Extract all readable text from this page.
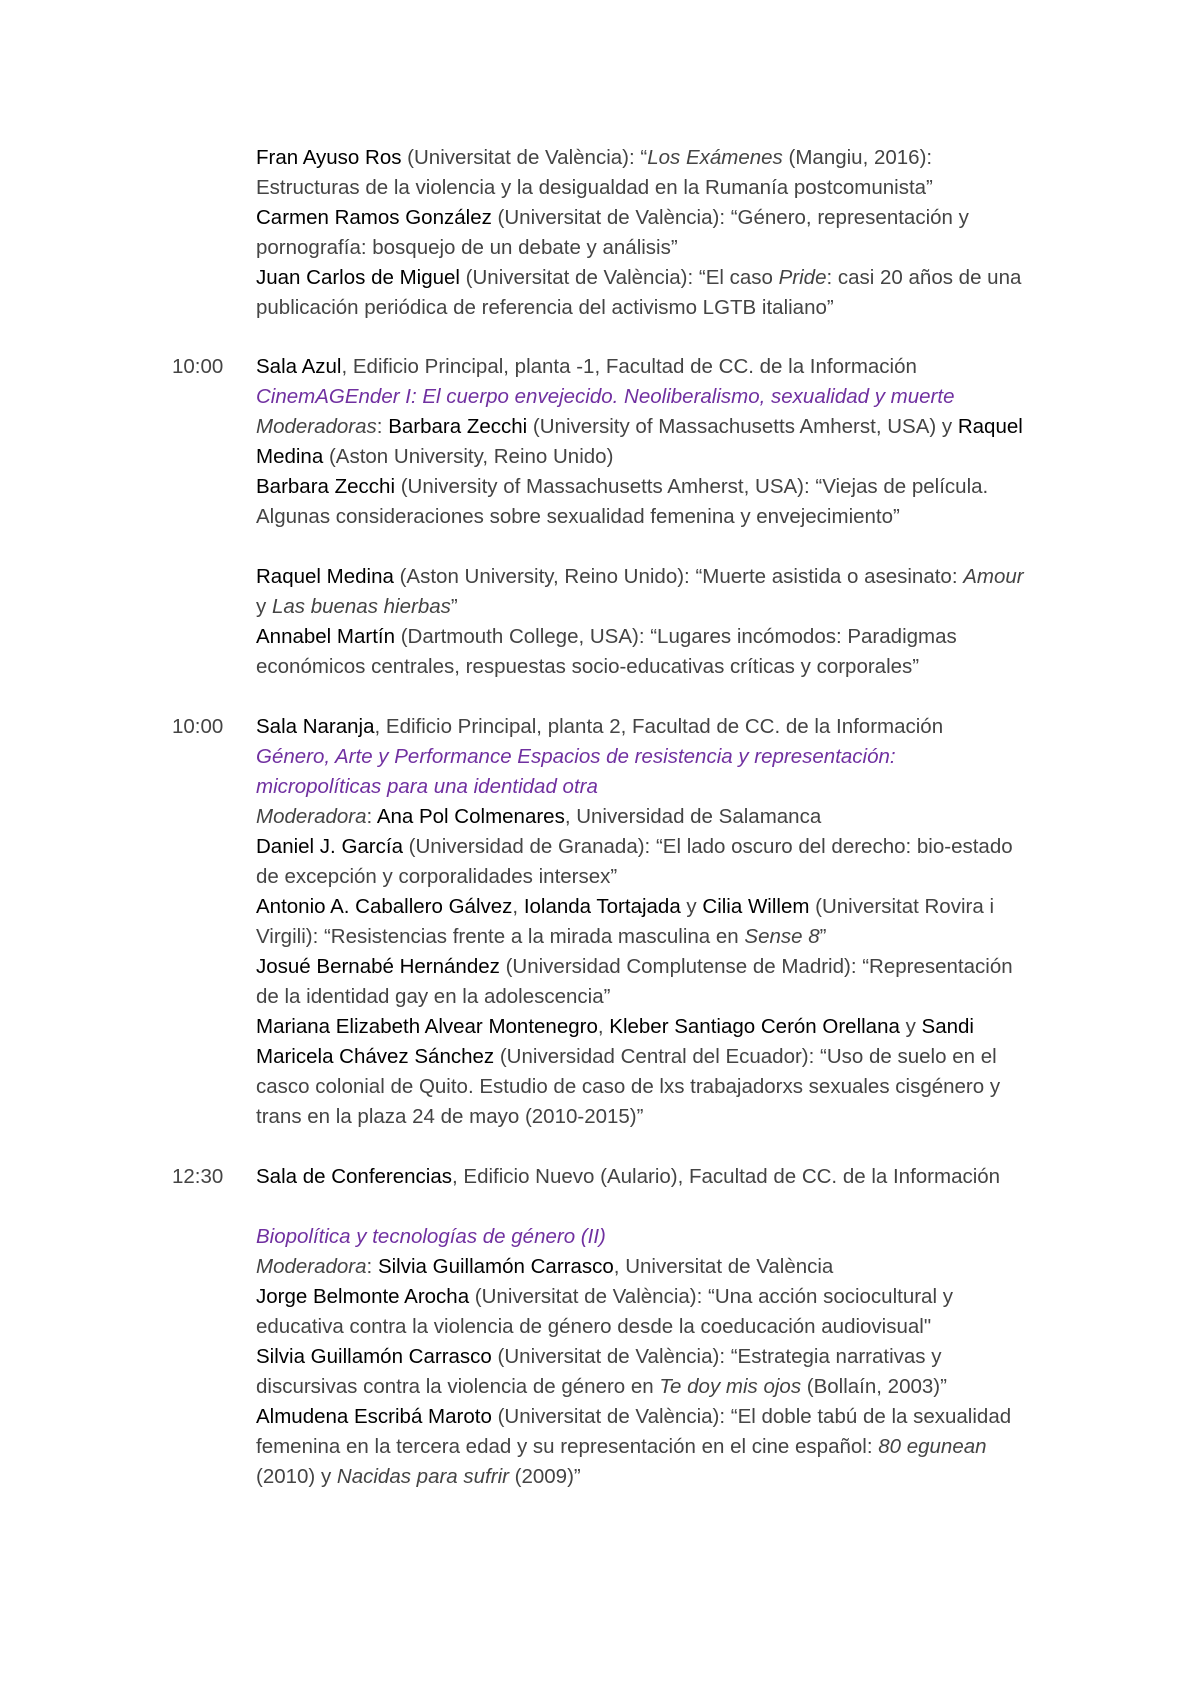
Fran Ayuso Ros (Universitat de València): “Los Exámenes (Mangiu, 2016): Estructuras de la violencia y la desigualdad en la Rumanía postcomunista”
Carmen Ramos González (Universitat de València): “Género, representación y pornografía: bosquejo de un debate y análisis”
Juan Carlos de Miguel (Universitat de València): “El caso Pride: casi 20 años de una publicación periódica de referencia del activismo LGTB italiano”
10:00	Sala Azul, Edificio Principal, planta -1, Facultad de CC. de la Información
CinemAGEnder I: El cuerpo envejecido. Neoliberalismo, sexualidad y muerte
Moderadoras: Barbara Zecchi (University of Massachusetts Amherst, USA) y Raquel Medina (Aston University, Reino Unido)
Barbara Zecchi (University of Massachusetts Amherst, USA): “Viejas de película. Algunas consideraciones sobre sexualidad femenina y envejecimiento”
Raquel Medina (Aston University, Reino Unido): “Muerte asistida o asesinato: Amour y Las buenas hierbas”
Annabel Martín (Dartmouth College, USA): “Lugares incómodos: Paradigmas económicos centrales, respuestas socio-educativas críticas y corporales”
10:00	Sala Naranja, Edificio Principal, planta 2, Facultad de CC. de la Información
Género, Arte y Performance Espacios de resistencia y representación: micropolíticas para una identidad otra
Moderadora: Ana Pol Colmenares, Universidad de Salamanca
Daniel J. García (Universidad de Granada): “El lado oscuro del derecho: bio-estado de excepción y corporalidades intersex”
Antonio A. Caballero Gálvez, Iolanda Tortajada y Cilia Willem (Universitat Rovira i Virgili): “Resistencias frente a la mirada masculina en Sense 8”
Josué Bernabé Hernández (Universidad Complutense de Madrid): “Representación de la identidad gay en la adolescencia”
Mariana Elizabeth Alvear Montenegro, Kleber Santiago Cerón Orellana y Sandi Maricela Chávez Sánchez (Universidad Central del Ecuador): “Uso de suelo en el casco colonial de Quito. Estudio de caso de lxs trabajadorxs sexuales cisgénero y trans en la plaza 24 de mayo (2010-2015)”
12:30	Sala de Conferencias, Edificio Nuevo (Aulario), Facultad de CC. de la Información
Biopolítica y tecnologías de género (II)
Moderadora: Silvia Guillamón Carrasco, Universitat de València
Jorge Belmonte Arocha (Universitat de València): “Una acción sociocultural y educativa contra la violencia de género desde la coeducación audiovisual"
Silvia Guillamón Carrasco (Universitat de València): “Estrategia narrativas y discursivas contra la violencia de género en Te doy mis ojos (Bollaín, 2003)”
Almudena Escribá Maroto (Universitat de València): “El doble tabú de la sexualidad femenina en la tercera edad y su representación en el cine español: 80 egunean (2010) y Nacidas para sufrir (2009)”
